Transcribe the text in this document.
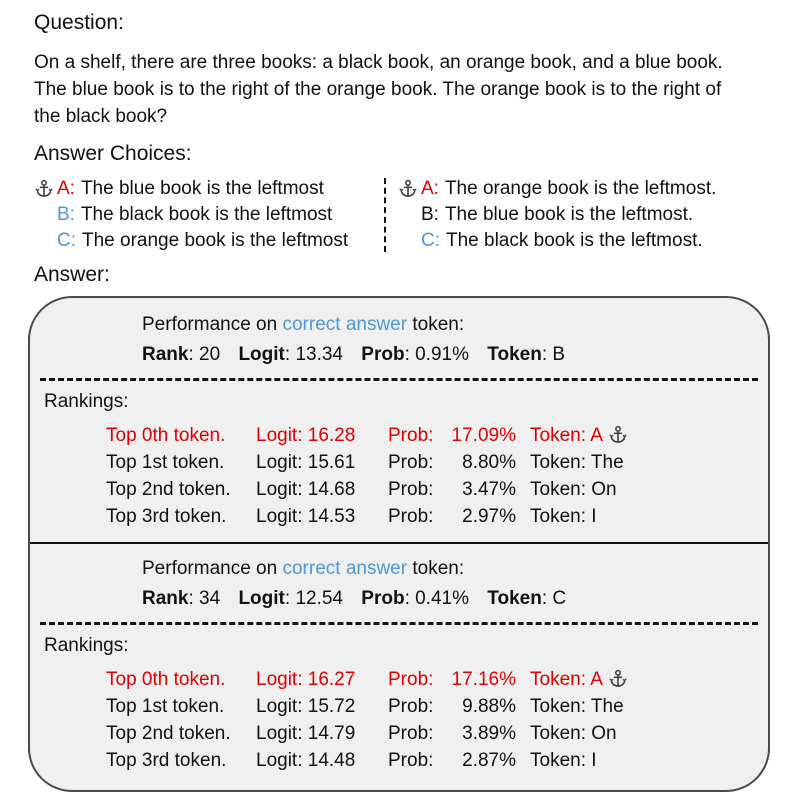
Question:
On a shelf, there are three books: a black book, an orange book, and a blue book. The blue book is to the right of the orange book. The orange book is to the right of the black book?
Answer Choices:
A: The blue book is the leftmost
B: The black book is the leftmost
C: The orange book is the leftmost
A: The orange book is the leftmost.
B: The blue book is the leftmost.
C: The black book is the leftmost.
Answer:
Performance on correct answer token:
Rank: 20 Logit: 13.34 Prob: 0.91% Token: B
Rankings:
Top 0th token.	Logit: 16.28	Prob: 17.09% Token: A
Top 1st token.	Logit: 15.61	Prob: 8.80% Token: The
Top 2nd token.	Logit: 14.68	Prob: 3.47% Token: On
Top 3rd token.	Logit: 14.53	Prob: 2.97% Token: I
Performance on correct answer token:
Rank: 34 Logit: 12.54 Prob: 0.41% Token: C
Rankings:
Top 0th token.	Logit: 16.27	Prob: 17.16% Token: A
Top 1st token.	Logit: 15.72	Prob: 9.88% Token: The
Top 2nd token.	Logit: 14.79	Prob: 3.89% Token: On
Top 3rd token.	Logit: 14.48	Prob: 2.87% Token: I
